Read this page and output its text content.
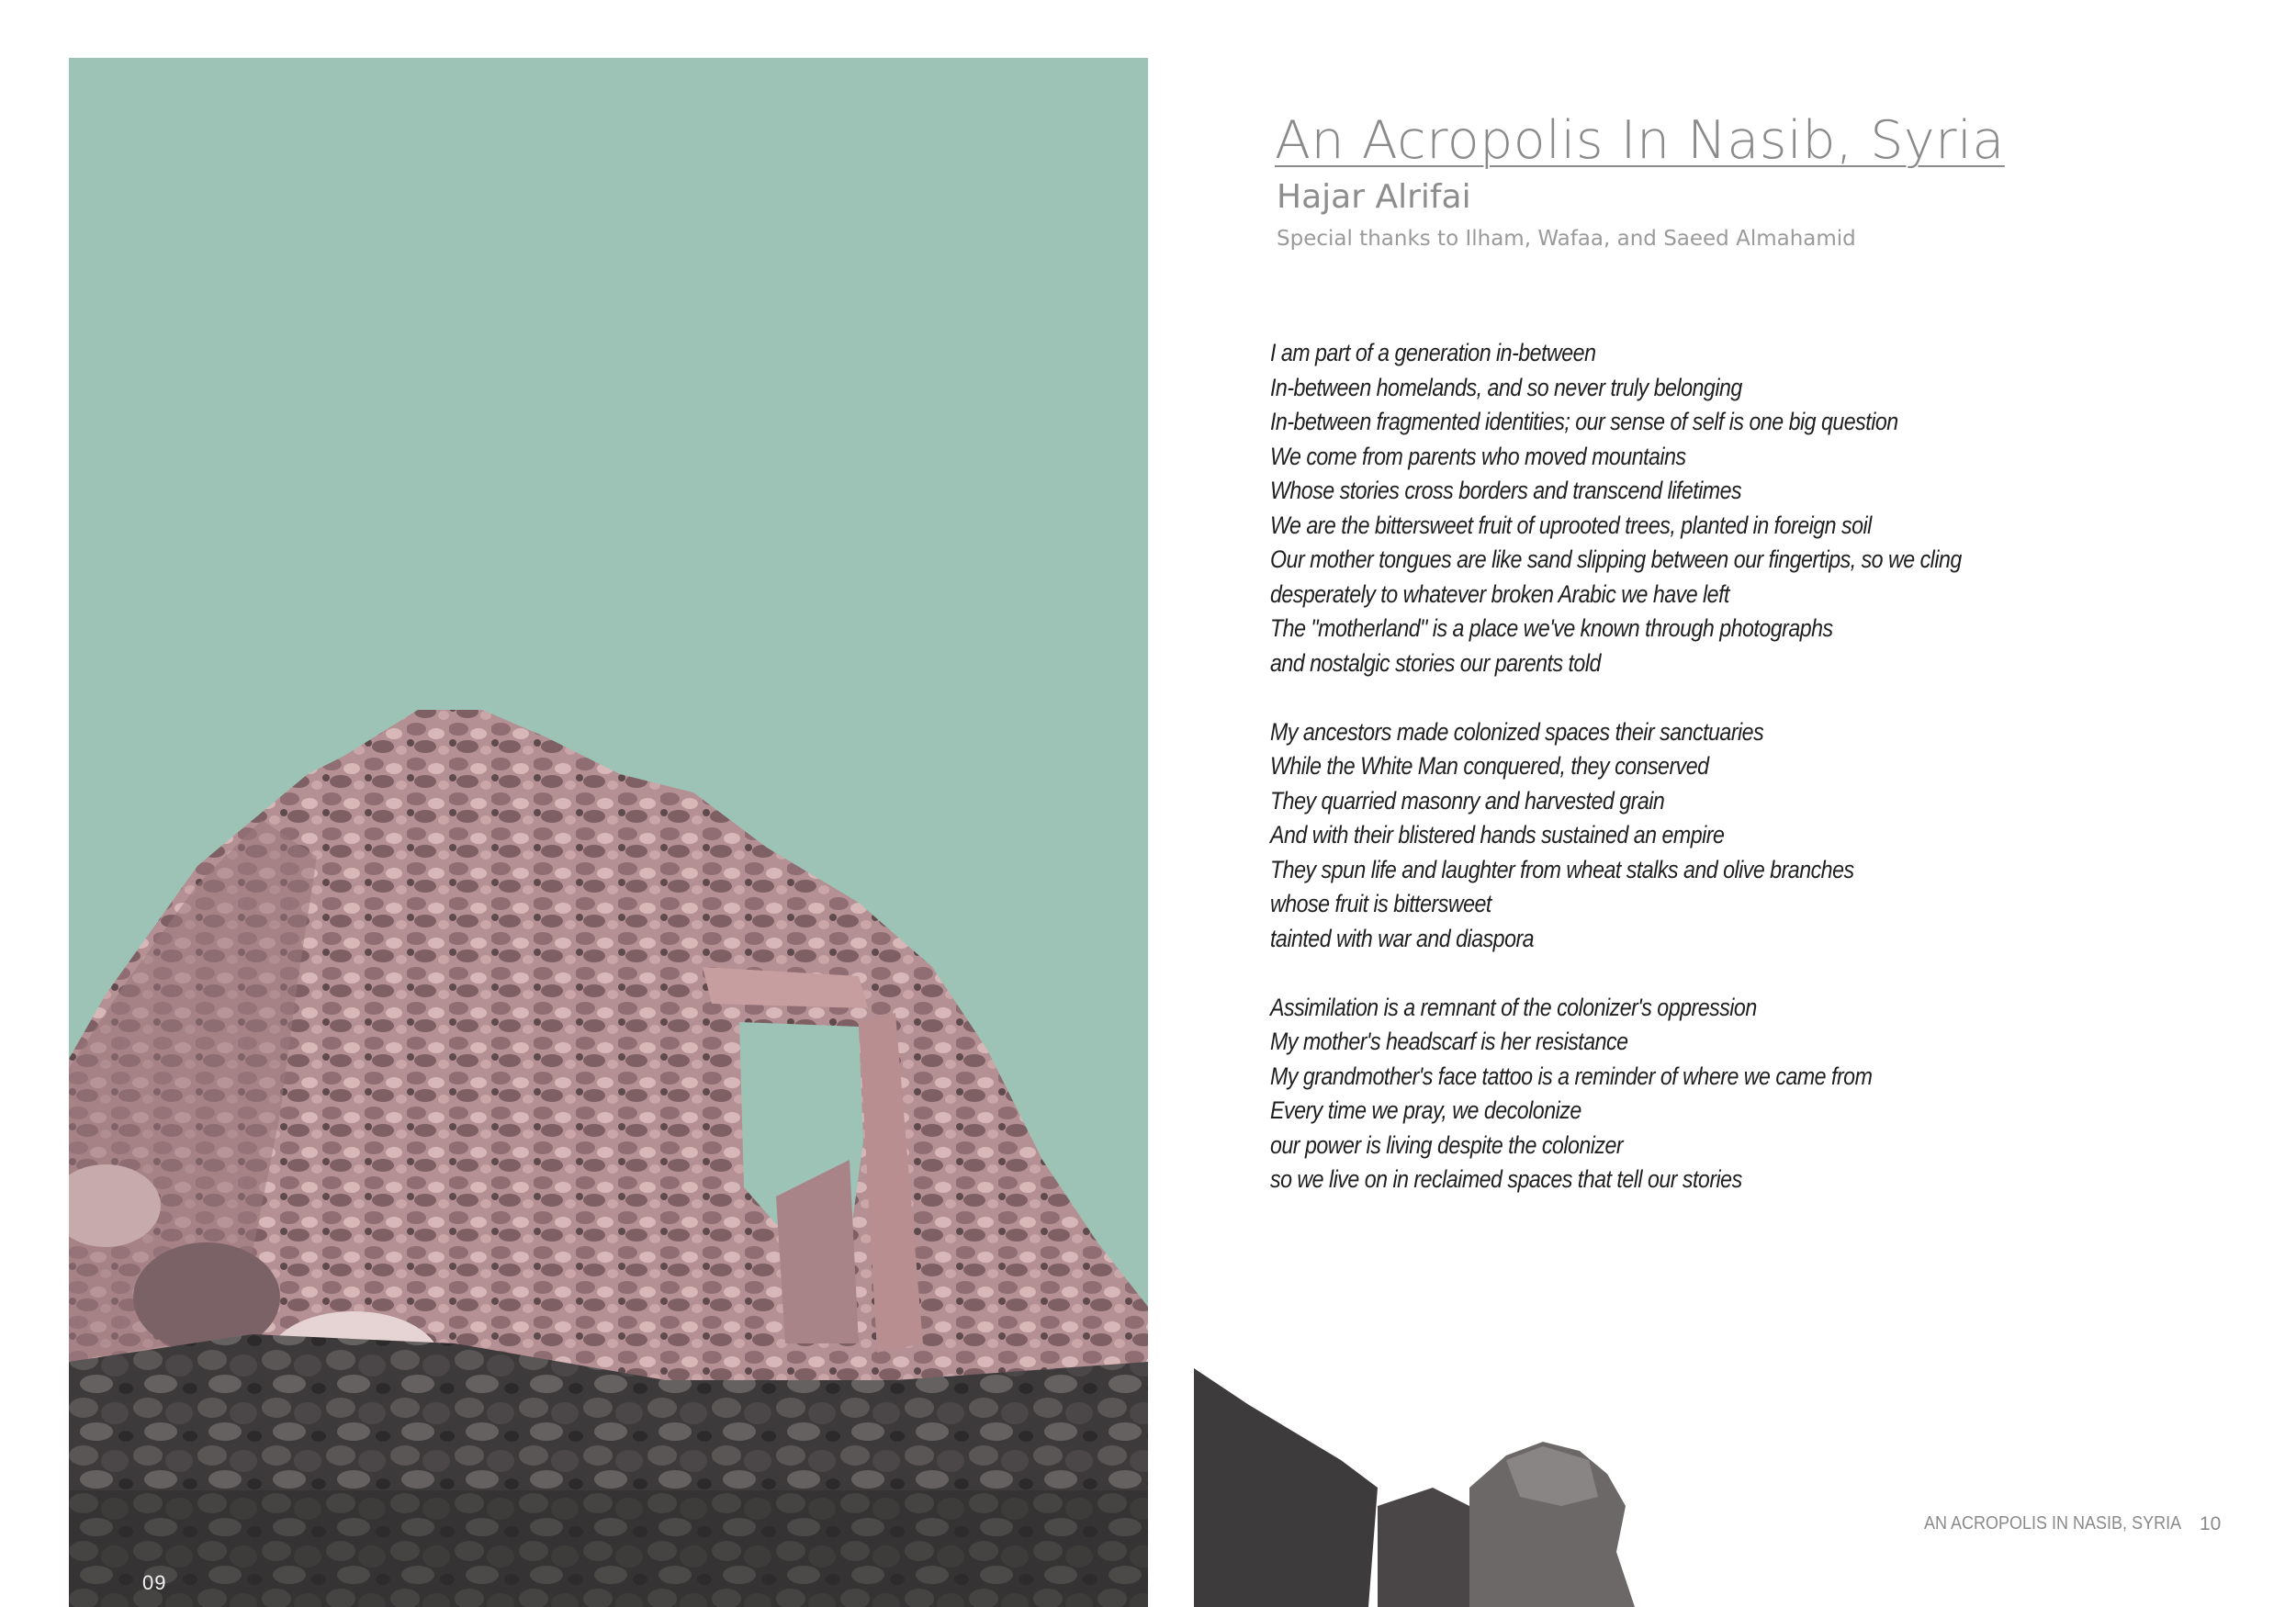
09
An Acropolis In Nasib, Syria
Hajar Alrifai
Special thanks to Ilham, Wafaa, and Saeed Almahamid
I am part of a generation in-between
In-between homelands, and so never truly belonging
In-between fragmented identities; our sense of self is one big question
We come from parents who moved mountains
Whose stories cross borders and transcend lifetimes
We are the bittersweet fruit of uprooted trees, planted in foreign soil
Our mother tongues are like sand slipping between our fingertips, so we cling
desperately to whatever broken Arabic we have left
The "motherland" is a place we've known through photographs
and nostalgic stories our parents told
My ancestors made colonized spaces their sanctuaries
While the White Man conquered, they conserved
They quarried masonry and harvested grain
And with their blistered hands sustained an empire
They spun life and laughter from wheat stalks and olive branches
whose fruit is bittersweet
tainted with war and diaspora
Assimilation is a remnant of the colonizer's oppression
My mother's headscarf is her resistance
My grandmother's face tattoo is a reminder of where we came from
Every time we pray, we decolonize
our power is living despite the colonizer
so we live on in reclaimed spaces that tell our stories
AN ACROPOLIS IN NASIB, SYRIA 10
